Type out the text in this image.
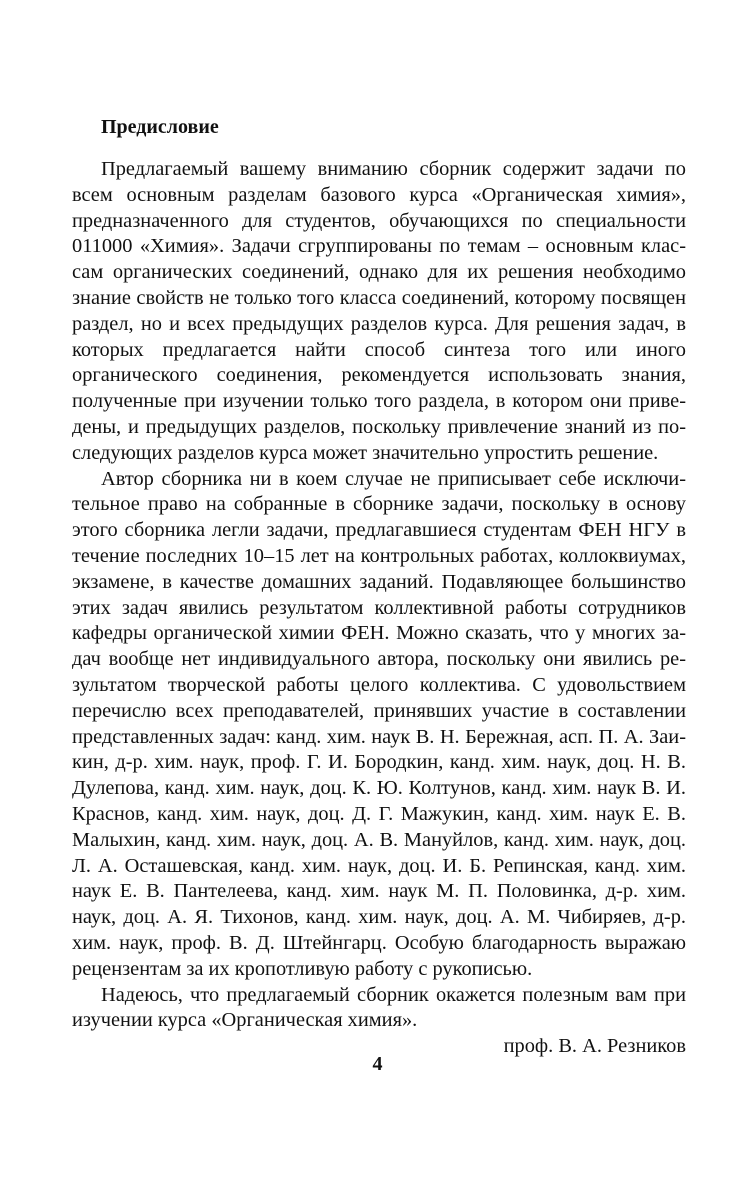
Предисловие

Предлагаемый вашему вниманию сборник содержит задачи по всем основным разделам базового курса «Органическая химия», предназначенного для студентов, обучающихся по специальности 011000 «Химия». Задачи сгруппированы по темам – основным классам органических соединений, однако для их решения необходимо знание свойств не только того класса соединений, которому посвящен раздел, но и всех предыдущих разделов курса. Для решения задач, в которых предлагается найти способ синтеза того или иного органического соединения, рекомендуется использовать знания, полученные при изучении только того раздела, в котором они приведены, и предыдущих разделов, поскольку привлечение знаний из последующих разделов курса может значительно упростить решение.

Автор сборника ни в коем случае не приписывает себе исключительное право на собранные в сборнике задачи, поскольку в основу этого сборника легли задачи, предлагавшиеся студентам ФЕН НГУ в течение последних 10–15 лет на контрольных работах, коллоквиумах, экзамене, в качестве домашних заданий. Подавляющее большинство этих задач явились результатом коллективной работы сотрудников кафедры органической химии ФЕН. Можно сказать, что у многих задач вообще нет индивидуального автора, поскольку они явились результатом творческой работы целого коллектива. С удовольствием перечислю всех преподавателей, принявших участие в составлении представленных задач: канд. хим. наук В. Н. Бережная, асп. П. А. Заикин, д-р. хим. наук, проф. Г. И. Бородкин, канд. хим. наук, доц. Н. В. Дулепова, канд. хим. наук, доц. К. Ю. Колтунов, канд. хим. наук В. И. Краснов, канд. хим. наук, доц. Д. Г. Мажукин, канд. хим. наук Е. В. Малыхин, канд. хим. наук, доц. А. В. Мануйлов, канд. хим. наук, доц. Л. А. Осташевская, канд. хим. наук, доц. И. Б. Репинская, канд. хим. наук Е. В. Пантелеева, канд. хим. наук М. П. Половинка, д-р. хим. наук, доц. А. Я. Тихонов, канд. хим. наук, доц. А. М. Чибиряев, д-р. хим. наук, проф. В. Д. Штейнгарц. Особую благодарность выражаю рецензентам за их кропотливую работу с рукописью.

Надеюсь, что предлагаемый сборник окажется полезным вам при изучении курса «Органическая химия».

проф. В. А. Резников

4
